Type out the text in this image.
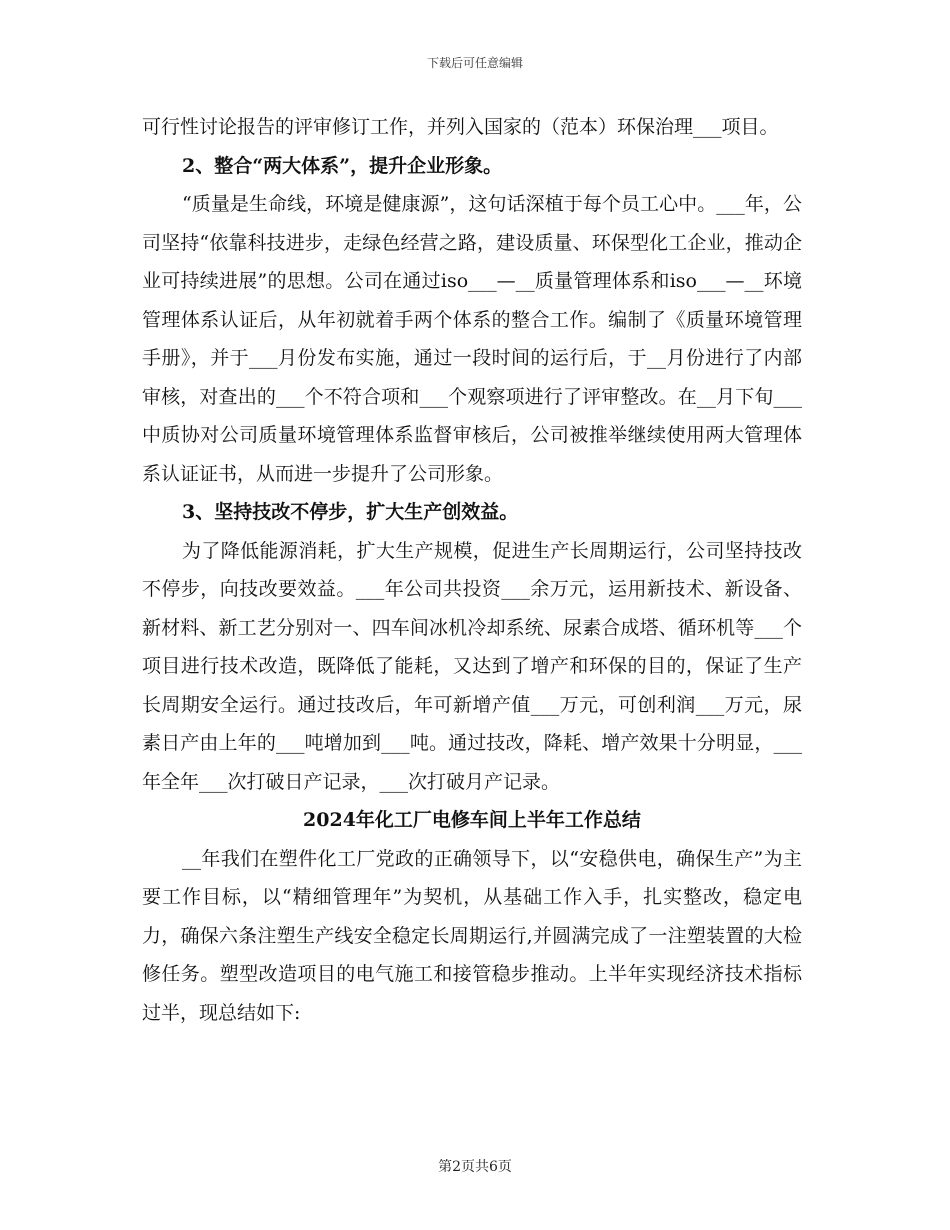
下载后可任意编辑

可行性讨论报告的评审修订工作，并列入国家的（范本）环保治理___项目。

2、整合“两大体系”，提升企业形象。

“质量是生命线，环境是健康源”，这句话深植于每个员工心中。___年，公司坚持“依靠科技进步，走绿色经营之路，建设质量、环保型化工企业，推动企业可持续进展”的思想。公司在通过iso___—__质量管理体系和iso___—__环境管理体系认证后，从年初就着手两个体系的整合工作。编制了《质量环境管理手册》，并于___月份发布实施，通过一段时间的运行后，于__月份进行了内部审核，对查出的___个不符合项和___个观察项进行了评审整改。在__月下旬___中质协对公司质量环境管理体系监督审核后，公司被推举继续使用两大管理体系认证证书，从而进一步提升了公司形象。

3、坚持技改不停步，扩大生产创效益。

为了降低能源消耗，扩大生产规模，促进生产长周期运行，公司坚持技改不停步，向技改要效益。___年公司共投资___余万元，运用新技术、新设备、新材料、新工艺分别对一、四车间冰机冷却系统、尿素合成塔、循环机等___个项目进行技术改造，既降低了能耗，又达到了增产和环保的目的，保证了生产长周期安全运行。通过技改后，年可新增产值___万元，可创利润___万元，尿素日产由上年的___吨增加到___吨。通过技改，降耗、增产效果十分明显，___年全年___次打破日产记录，___次打破月产记录。

2024年化工厂电修车间上半年工作总结

__年我们在塑件化工厂党政的正确领导下，以“安稳供电，确保生产”为主要工作目标，以“精细管理年”为契机，从基础工作入手，扎实整改，稳定电力，确保六条注塑生产线安全稳定长周期运行,并圆满完成了一注塑装置的大检修任务。塑型改造项目的电气施工和接管稳步推动。上半年实现经济技术指标过半，现总结如下:

第2页共6页
